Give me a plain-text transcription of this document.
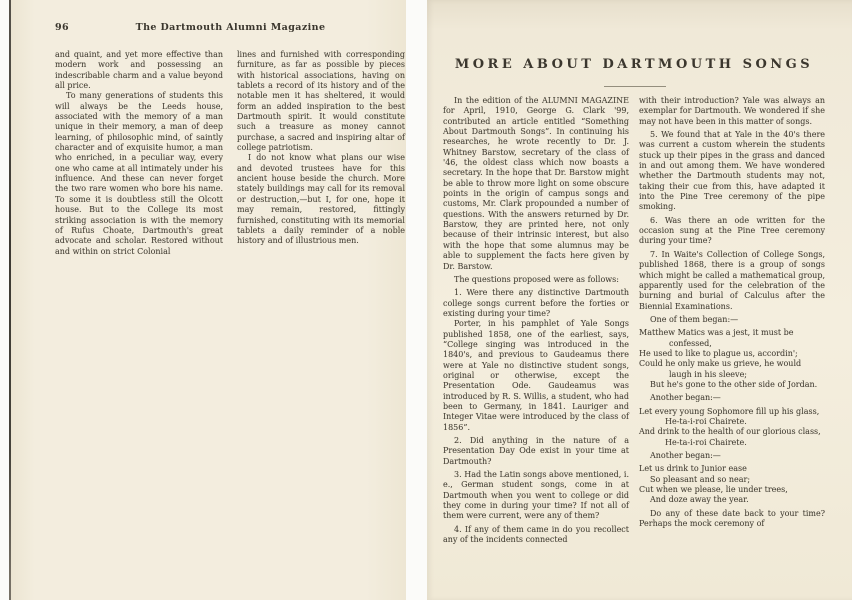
96	The Dartmouth Alumni Magazine

and quaint, and yet more effective than modern work and possessing an indescribable charm and a value beyond all price.

To many generations of students this will always be the Leeds house, associated with the memory of a man unique in their memory, a man of deep learning, of philosophic mind, of saintly character and of exquisite humor, a man who enriched, in a peculiar way, every one who came at all intimately under his influence. And these can never forget the two rare women who bore his name. To some it is doubtless still the Olcott house. But to the College its most striking association is with the memory of Rufus Choate, Dartmouth's great advocate and scholar. Restored without and within on strict Colonial

lines and furnished with corresponding furniture, as far as possible by pieces with historical associations, having on tablets a record of its history and of the notable men it has sheltered, it would form an added inspiration to the best Dartmouth spirit. It would constitute such a treasure as money cannot purchase, a sacred and inspiring altar of college patriotism.

I do not know what plans our wise and devoted trustees have for this ancient house beside the church. More stately buildings may call for its removal or destruction,—but I, for one, hope it may remain, restored, fittingly furnished, constituting with its memorial tablets a daily reminder of a noble history and of illustrious men.

MORE ABOUT DARTMOUTH SONGS

In the edition of the ALUMNI MAGAZINE for April, 1910, George G. Clark '99, contributed an article entitled “Something About Dartmouth Songs”. In continuing his researches, he wrote recently to Dr. J. Whitney Barstow, secretary of the class of '46, the oldest class which now boasts a secretary. In the hope that Dr. Barstow might be able to throw more light on some obscure points in the origin of campus songs and customs, Mr. Clark propounded a number of questions. With the answers returned by Dr. Barstow, they are printed here, not only because of their intrinsic interest, but also with the hope that some alumnus may be able to supplement the facts here given by Dr. Barstow.

The questions proposed were as follows:

1. Were there any distinctive Dartmouth college songs current before the forties or existing during your time?

Porter, in his pamphlet of Yale Songs published 1858, one of the earliest, says, “College singing was introduced in the 1840's, and previous to Gaudeamus there were at Yale no distinctive student songs, original or otherwise, except the Presentation Ode. Gaudeamus was introduced by R. S. Willis, a student, who had been to Germany, in 1841. Lauriger and Integer Vitae were introduced by the class of 1856”.

2. Did anything in the nature of a Presentation Day Ode exist in your time at Dartmouth?

3. Had the Latin songs above mentioned, i. e., German student songs, come in at Dartmouth when you went to college or did they come in during your time? If not all of them were current, were any of them?

4. If any of them came in do you recollect any of the incidents connected

with their introduction? Yale was always an exemplar for Dartmouth. We wondered if she may not have been in this matter of songs.

5. We found that at Yale in the 40's there was current a custom wherein the students stuck up their pipes in the grass and danced in and out among them. We have wondered whether the Dartmouth students may not, taking their cue from this, have adapted it into the Pine Tree ceremony of the pipe smoking.

6. Was there an ode written for the occasion sung at the Pine Tree ceremony during your time?

7. In Waite's Collection of College Songs, published 1868, there is a group of songs which might be called a mathematical group, apparently used for the celebration of the burning and burial of Calculus after the Biennial Examinations.

One of them began:—

Matthew Matics was a jest, it must be confessed,

He used to like to plague us, accordin';

Could he only make us grieve, he would laugh in his sleeve;

But he's gone to the other side of Jordan.

Another began:—

Let every young Sophomore fill up his glass,

He-ta-i-roi Chairete.

And drink to the health of our glorious class,

He-ta-i-roi Chairete.

Another began:—

Let us drink to Junior ease

So pleasant and so near;

Cut when we please, lie under trees,

And doze away the year.

Do any of these date back to your time? Perhaps the mock ceremony of
